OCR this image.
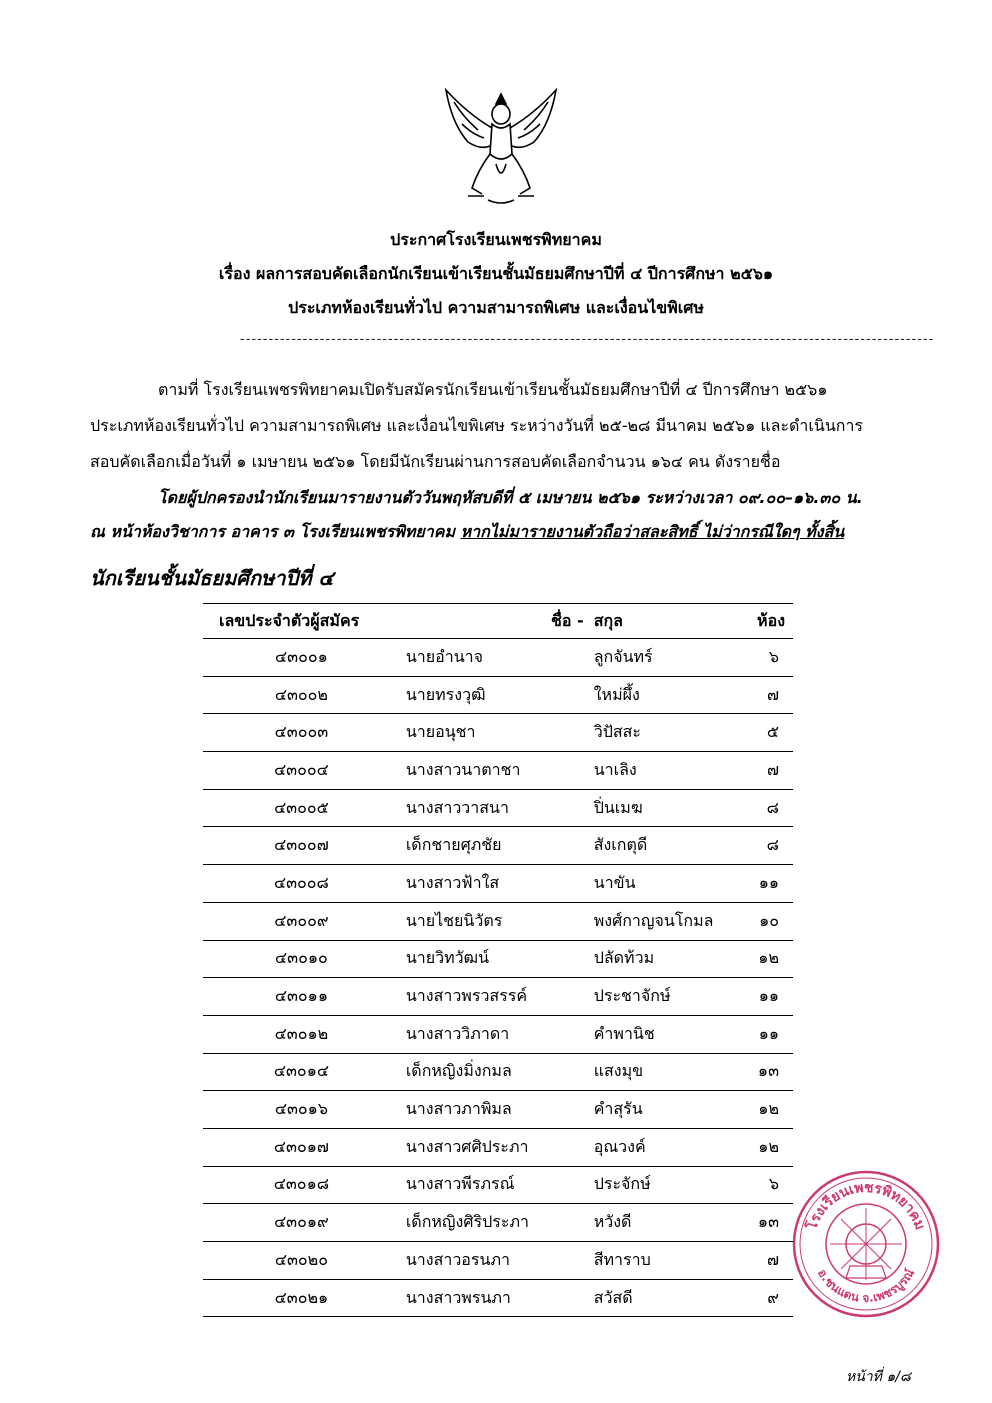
ประกาศโรงเรียนเพชรพิทยาคม
เรื่อง ผลการสอบคัดเลือกนักเรียนเข้าเรียนชั้นมัธยมศึกษาปีที่ ๔ ปีการศึกษา ๒๕๖๑
ประเภทห้องเรียนทั่วไป ความสามารถพิเศษ และเงื่อนไขพิเศษ
--------------------------------------------------------------------------------------------------------------------------
ตามที่ โรงเรียนเพชรพิทยาคมเปิดรับสมัครนักเรียนเข้าเรียนชั้นมัธยมศึกษาปีที่ ๔ ปีการศึกษา ๒๕๖๑
ประเภทห้องเรียนทั่วไป ความสามารถพิเศษ และเงื่อนไขพิเศษ ระหว่างวันที่ ๒๕-๒๘ มีนาคม ๒๕๖๑ และดำเนินการ
สอบคัดเลือกเมื่อวันที่ ๑ เมษายน ๒๕๖๑ โดยมีนักเรียนผ่านการสอบคัดเลือกจำนวน ๑๖๔ คน ดังรายชื่อ
โดยผู้ปกครองนำนักเรียนมารายงานตัววันพฤหัสบดีที่ ๕ เมษายน ๒๕๖๑ ระหว่างเวลา ๐๙.๐๐–๑๖.๓๐ น.
ณ หน้าห้องวิชาการ อาคาร ๓ โรงเรียนเพชรพิทยาคม หากไม่มารายงานตัวถือว่าสละสิทธิ์ ไม่ว่ากรณีใดๆ ทั้งสิ้น
นักเรียนชั้นมัธยมศึกษาปีที่ ๔
เลขประจำตัวผู้สมัคร	ชื่อ -	สกุล	ห้อง
๔๓๐๐๑	นายอำนาจ	ลูกจันทร์	๖
๔๓๐๐๒	นายทรงวุฒิ	ใหม่ผึ้ง	๗
๔๓๐๐๓	นายอนุชา	วิปัสสะ	๕
๔๓๐๐๔	นางสาวนาตาชา	นาเลิง	๗
๔๓๐๐๕	นางสาววาสนา	ปิ่นเมฆ	๘
๔๓๐๐๗	เด็กชายศุภชัย	สังเกตุดี	๘
๔๓๐๐๘	นางสาวฟ้าใส	นาขัน	๑๑
๔๓๐๐๙	นายไชยนิวัตร	พงศ์กาญจนโกมล	๑๐
๔๓๐๑๐	นายวิทวัฒน์	ปลัดท้วม	๑๒
๔๓๐๑๑	นางสาวพรวสรรค์	ประชาจักษ์	๑๑
๔๓๐๑๒	นางสาววิภาดา	คำพานิช	๑๑
๔๓๐๑๔	เด็กหญิงมิ่งกมล	แสงมุข	๑๓
๔๓๐๑๖	นางสาวภาพิมล	คำสุรัน	๑๒
๔๓๐๑๗	นางสาวศศิประภา	อุณวงค์	๑๒
๔๓๐๑๘	นางสาวพีรภรณ์	ประจักษ์	๖
๔๓๐๑๙	เด็กหญิงศิริประภา	หวังดี	๑๓
๔๓๐๒๐	นางสาวอรนภา	สีทาราบ	๗
๔๓๐๒๑	นางสาวพรนภา	สวัสดี	๙
โรงเรียนเพชรพิทยาคม
อ.ชนแดน จ.เพชรบูรณ์
หน้าที่ ๑/๘
